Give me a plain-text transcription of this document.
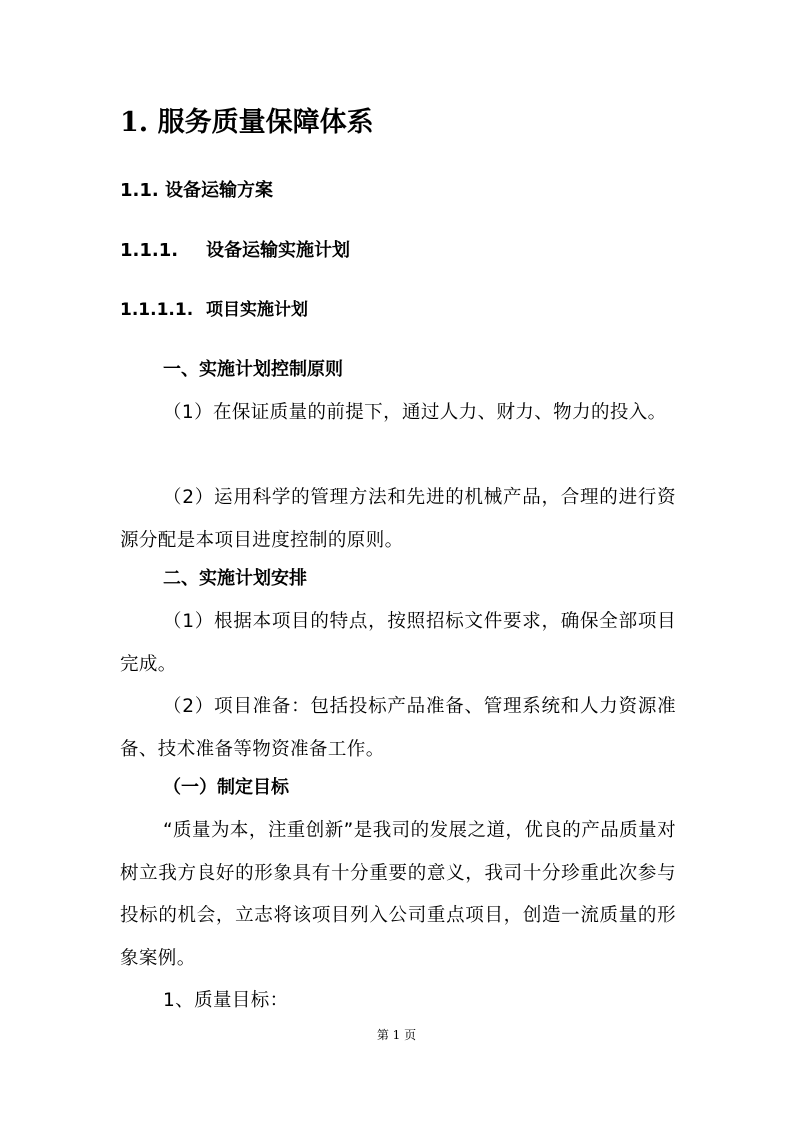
1. 服务质量保障体系
1.1. 设备运输方案
1.1.1. 设备运输实施计划
1.1.1.1. 项目实施计划
一、实施计划控制原则
（1）在保证质量的前提下，通过人力、财力、物力的投入。
（2）运用科学的管理方法和先进的机械产品，合理的进行资源分配是本项目进度控制的原则。
二、实施计划安排
（1）根据本项目的特点，按照招标文件要求，确保全部项目完成。
（2）项目准备：包括投标产品准备、管理系统和人力资源准备、技术准备等物资准备工作。
（一）制定目标
“质量为本，注重创新”是我司的发展之道，优良的产品质量对树立我方良好的形象具有十分重要的意义，我司十分珍重此次参与投标的机会，立志将该项目列入公司重点项目，创造一流质量的形象案例。
1、质量目标：
第 1 页
